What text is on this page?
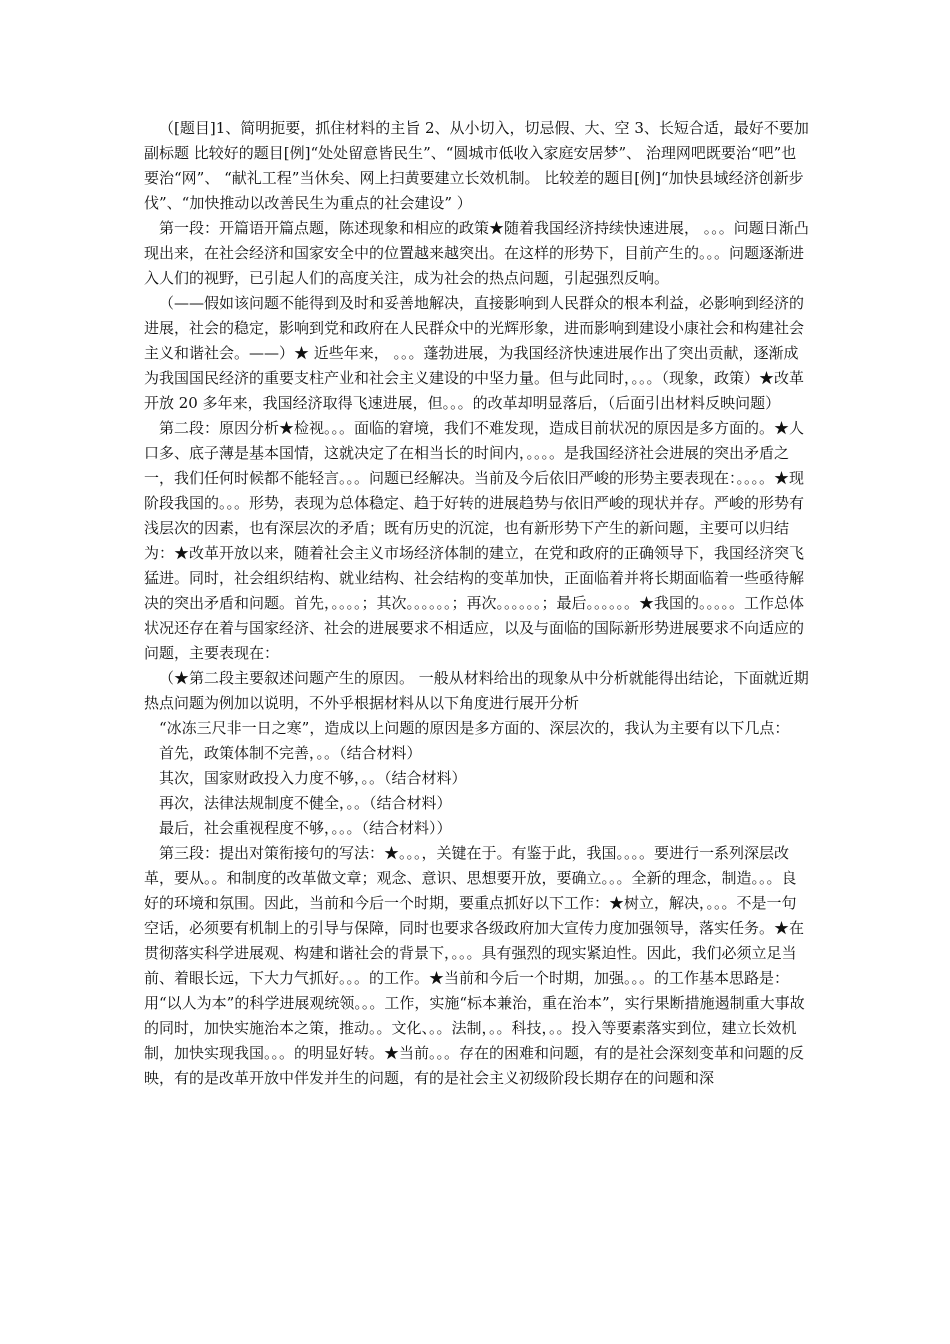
（[题目]1、简明扼要，抓住材料的主旨 2、从小切入，切忌假、大、空 3、长短合适，最好不要加副标题 比较好的题目[例]“处处留意皆民生”、“圆城市低收入家庭安居梦”、 治理网吧既要治“吧”也要治“网”、 “献礼工程”当休矣、网上扫黄要建立长效机制。 比较差的题目[例]“加快县域经济创新步伐”、“加快推动以改善民生为重点的社会建设” ）

第一段：开篇语开篇点题，陈述现象和相应的政策★随着我国经济持续快速进展， 。。。问题日渐凸现出来，在社会经济和国家安全中的位置越来越突出。在这样的形势下，目前产生的。。。问题逐渐进入人们的视野，已引起人们的高度关注，成为社会的热点问题，引起强烈反响。

（——假如该问题不能得到及时和妥善地解决，直接影响到人民群众的根本利益，必影响到经济的进展，社会的稳定，影响到党和政府在人民群众中的光辉形象，进而影响到建设小康社会和构建社会主义和谐社会。——）★ 近些年来， 。。。蓬勃进展，为我国经济快速进展作出了突出贡献，逐渐成为我国国民经济的重要支柱产业和社会主义建设的中坚力量。但与此同时，。。。（现象，政策）★改革开放 20 多年来，我国经济取得飞速进展，但。。。的改革却明显落后，（后面引出材料反映问题）

第二段：原因分析★检视。。。面临的窘境，我们不难发现，造成目前状况的原因是多方面的。★人口多、底子薄是基本国情，这就决定了在相当长的时间内，。。。。是我国经济社会进展的突出矛盾之一，我们任何时候都不能轻言。。。问题已经解决。当前及今后依旧严峻的形势主要表现在：。。。。★现阶段我国的。。。形势，表现为总体稳定、趋于好转的进展趋势与依旧严峻的现状并存。严峻的形势有浅层次的因素，也有深层次的矛盾；既有历史的沉淀，也有新形势下产生的新问题，主要可以归结为：★改革开放以来，随着社会主义市场经济体制的建立，在党和政府的正确领导下，我国经济突飞猛进。同时，社会组织结构、就业结构、社会结构的变革加快，正面临着并将长期面临着一些亟待解决的突出矛盾和问题。首先，。。。。；其次。。。。。。；再次。。。。。。；最后。。。。。。★我国的。。。。。工作总体状况还存在着与国家经济、社会的进展要求不相适应，以及与面临的国际新形势进展要求不向适应的问题，主要表现在：

（★第二段主要叙述问题产生的原因。 一般从材料给出的现象从中分析就能得出结论，下面就近期热点问题为例加以说明，不外乎根据材料从以下角度进行展开分析

“冰冻三尺非一日之寒”，造成以上问题的原因是多方面的、深层次的，我认为主要有以下几点：

首先，政策体制不完善，。。（结合材料）

其次，国家财政投入力度不够，。。（结合材料）

再次，法律法规制度不健全，。。（结合材料）

最后，社会重视程度不够，。。。（结合材料））

第三段：提出对策衔接句的写法：★。。。，关键在于。有鉴于此，我国。。。。要进行一系列深层改革，要从。。和制度的改革做文章；观念、意识、思想要开放，要确立。。。全新的理念，制造。。。良好的环境和氛围。因此，当前和今后一个时期，要重点抓好以下工作：★树立，解决，。。。不是一句空话，必须要有机制上的引导与保障，同时也要求各级政府加大宣传力度加强领导，落实任务。★在贯彻落实科学进展观、构建和谐社会的背景下，。。。具有强烈的现实紧迫性。因此，我们必须立足当前、着眼长远，下大力气抓好。。。的工作。★当前和今后一个时期，加强。。。的工作基本思路是：用“以人为本”的科学进展观统领。。。工作，实施“标本兼治，重在治本”，实行果断措施遏制重大事故的同时，加快实施治本之策，推动。。文化、。。法制，。。科技，。。投入等要素落实到位，建立长效机制，加快实现我国。。。的明显好转。★当前。。。存在的困难和问题，有的是社会深刻变革和问题的反映，有的是改革开放中伴发并生的问题，有的是社会主义初级阶段长期存在的问题和深
